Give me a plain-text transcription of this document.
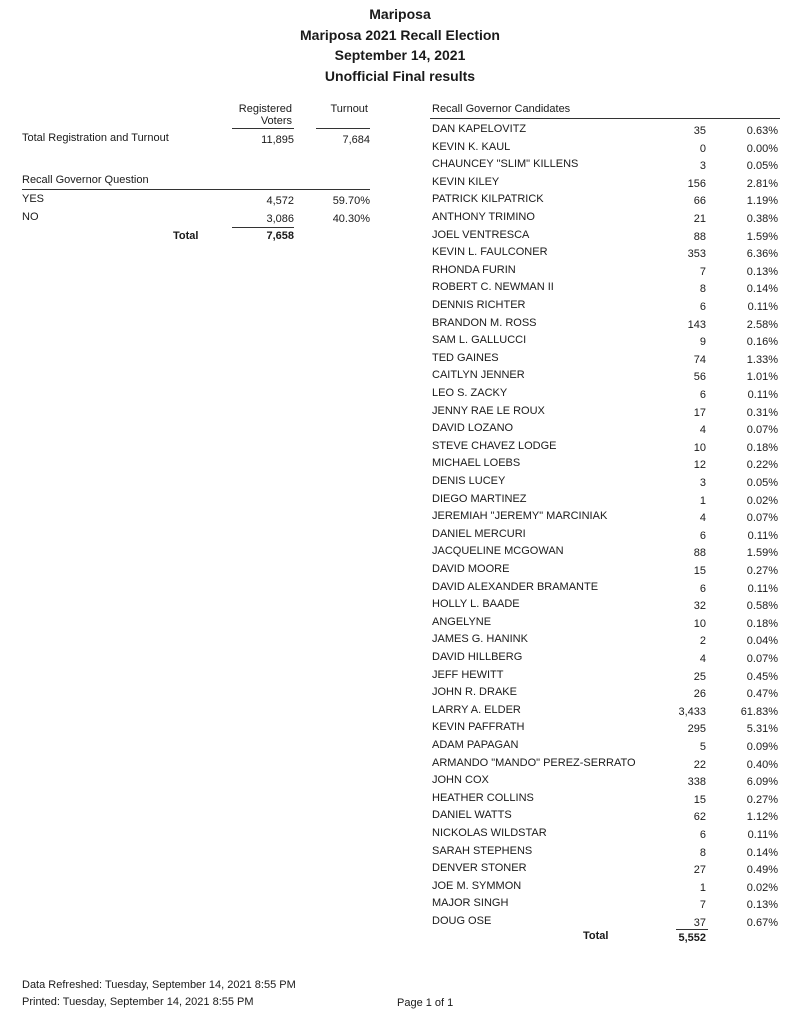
Mariposa
Mariposa 2021 Recall Election
September 14, 2021
Unofficial Final results
Registered
Voters
Turnout
Total Registration and Turnout	11,895	7,684
Recall Governor Question
YES	4,572	59.70%
NO	3,086	40.30%
Total	7,658
Recall Governor Candidates
DAN KAPELOVITZ	35	0.63%
KEVIN K. KAUL	0	0.00%
CHAUNCEY "SLIM" KILLENS	3	0.05%
KEVIN KILEY	156	2.81%
PATRICK KILPATRICK	66	1.19%
ANTHONY TRIMINO	21	0.38%
JOEL VENTRESCA	88	1.59%
KEVIN L. FAULCONER	353	6.36%
RHONDA FURIN	7	0.13%
ROBERT C. NEWMAN II	8	0.14%
DENNIS RICHTER	6	0.11%
BRANDON M. ROSS	143	2.58%
SAM L. GALLUCCI	9	0.16%
TED GAINES	74	1.33%
CAITLYN JENNER	56	1.01%
LEO S. ZACKY	6	0.11%
JENNY RAE LE ROUX	17	0.31%
DAVID LOZANO	4	0.07%
STEVE CHAVEZ LODGE	10	0.18%
MICHAEL LOEBS	12	0.22%
DENIS LUCEY	3	0.05%
DIEGO MARTINEZ	1	0.02%
JEREMIAH "JEREMY" MARCINIAK	4	0.07%
DANIEL MERCURI	6	0.11%
JACQUELINE MCGOWAN	88	1.59%
DAVID MOORE	15	0.27%
DAVID ALEXANDER BRAMANTE	6	0.11%
HOLLY L. BAADE	32	0.58%
ANGELYNE	10	0.18%
JAMES G. HANINK	2	0.04%
DAVID HILLBERG	4	0.07%
JEFF HEWITT	25	0.45%
JOHN R. DRAKE	26	0.47%
LARRY A. ELDER	3,433	61.83%
KEVIN PAFFRATH	295	5.31%
ADAM PAPAGAN	5	0.09%
ARMANDO "MANDO" PEREZ-SERRATO	22	0.40%
JOHN COX	338	6.09%
HEATHER COLLINS	15	0.27%
DANIEL WATTS	62	1.12%
NICKOLAS WILDSTAR	6	0.11%
SARAH STEPHENS	8	0.14%
DENVER STONER	27	0.49%
JOE M. SYMMON	1	0.02%
MAJOR SINGH	7	0.13%
DOUG OSE	37	0.67%
Total	5,552
Data Refreshed: Tuesday, September 14, 2021 8:55 PM
Printed: Tuesday, September 14, 2021 8:55 PM	Page 1 of 1
